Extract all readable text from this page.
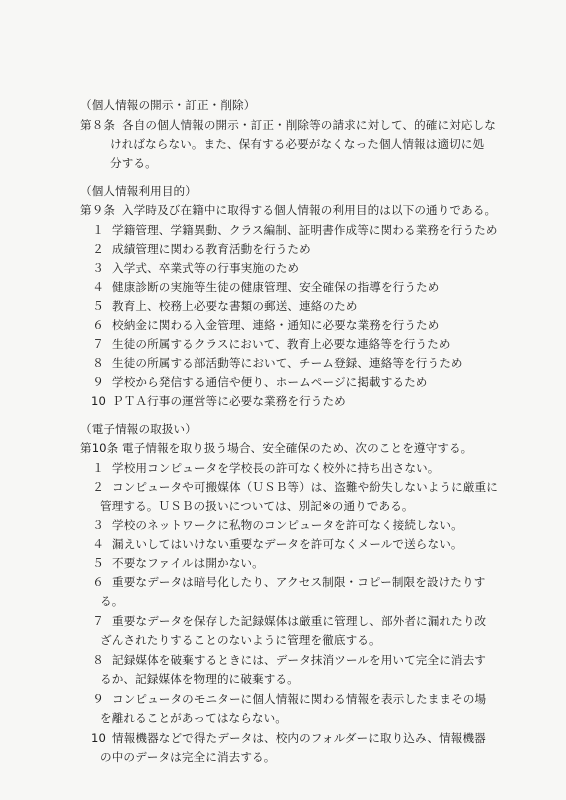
（個人情報の開示・訂正・削除）
第８条 各自の個人情報の開示・訂正・削除等の請求に対して、的確に対応しな
ければならない。また、保有する必要がなくなった個人情報は適切に処
分する。
（個人情報利用目的）
第９条 入学時及び在籍中に取得する個人情報の利用目的は以下の通りである。
１ 学籍管理、学籍異動、クラス編制、証明書作成等に関わる業務を行うため
２ 成績管理に関わる教育活動を行うため
３ 入学式、卒業式等の行事実施のため
４ 健康診断の実施等生徒の健康管理、安全確保の指導を行うため
５ 教育上、校務上必要な書類の郵送、連絡のため
６ 校納金に関わる入金管理、連絡・通知に必要な業務を行うため
７ 生徒の所属するクラスにおいて、教育上必要な連絡等を行うため
８ 生徒の所属する部活動等において、チーム登録、連絡等を行うため
９ 学校から発信する通信や便り、ホームページに掲載するため
10 ＰＴＡ行事の運営等に必要な業務を行うため
（電子情報の取扱い）
第10条 電子情報を取り扱う場合、安全確保のため、次のことを遵守する。
１ 学校用コンピュータを学校長の許可なく校外に持ち出さない。
２ コンピュータや可搬媒体（ＵＳＢ等）は、盗難や紛失しないように厳重に
管理する。ＵＳＢの扱いについては、別記※の通りである。
３ 学校のネットワークに私物のコンピュータを許可なく接続しない。
４ 漏えいしてはいけない重要なデータを許可なくメールで送らない。
５ 不要なファイルは開かない。
６ 重要なデータは暗号化したり、アクセス制限・コピー制限を設けたりす
る。
７ 重要なデータを保存した記録媒体は厳重に管理し、部外者に漏れたり改
ざんされたりすることのないように管理を徹底する。
８ 記録媒体を破棄するときには、データ抹消ツールを用いて完全に消去す
るか、記録媒体を物理的に破棄する。
９ コンピュータのモニターに個人情報に関わる情報を表示したままその場
を離れることがあってはならない。
10 情報機器などで得たデータは、校内のフォルダーに取り込み、情報機器
の中のデータは完全に消去する。
